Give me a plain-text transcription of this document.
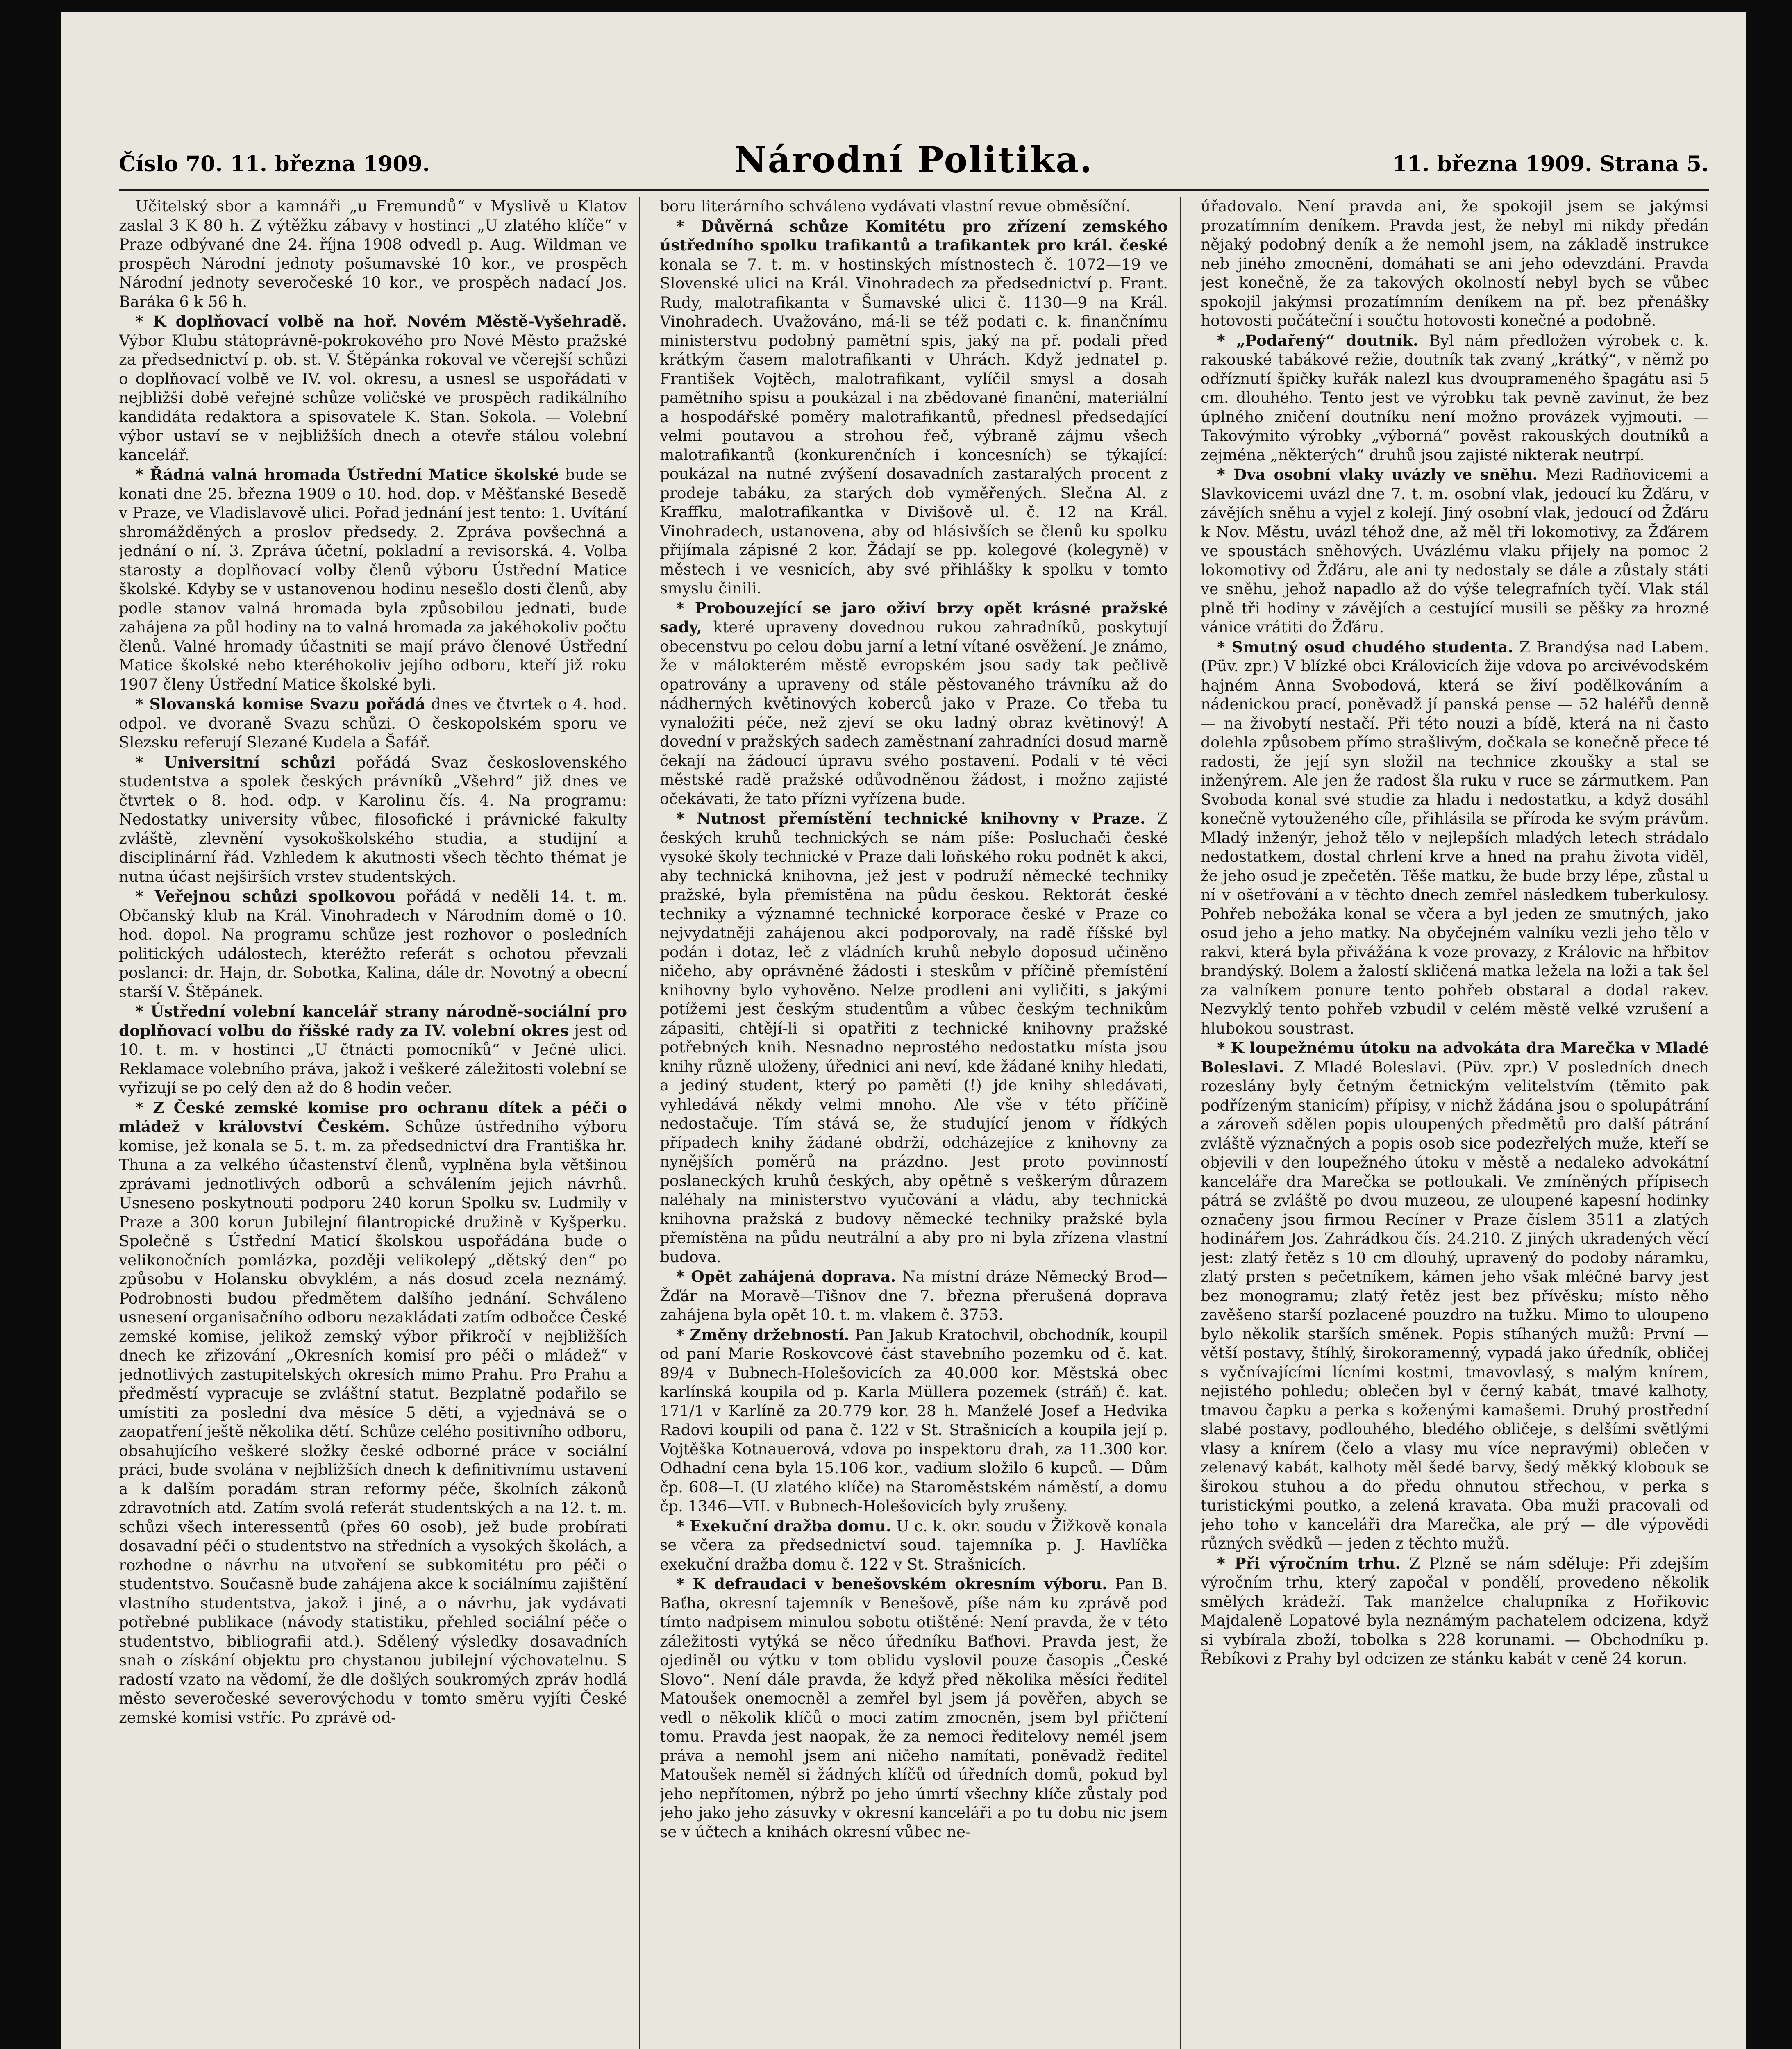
Číslo 70. 11. března 1909.	Národní Politika.	11. března 1909. Strana 5.

Učitelský sbor a kamnáři „u Fremundů“ v Myslivě u Klatov zaslal 3 K 80 h. Z výtěžku zábavy v hostinci „U zlatého klíče“ v Praze odbývané dne 24. října 1908 odvedl p. Aug. Wildman ve prospěch Národní jednoty pošumavské 10 kor., ve prospěch Národní jednoty severočeské 10 kor., ve prospěch nadací Jos. Baráka 6 k 56 h.

* K doplňovací volbě na hoř. Novém Městě-Vyšehradě. Výbor Klubu státoprávně-pokrokového pro Nové Město pražské za předsednictví p. ob. st. V. Štěpánka rokoval ve včerejší schůzi o doplňovací volbě ve IV. vol. okresu, a usnesl se uspořádati v nejbližší době veřejné schůze voličské ve prospěch radikálního kandidáta redaktora a spisovatele K. Stan. Sokola. — Volební výbor ustaví se v nejbližších dnech a otevře stálou volební kancelář.

* Řádná valná hromada Ústřední Matice školské bude se konati dne 25. března 1909 o 10. hod. dop. v Měšťanské Besedě v Praze, ve Vladislavově ulici. Pořad jednání jest tento: 1. Uvítání shromážděných a proslov předsedy. 2. Zpráva povšechná a jednání o ní. 3. Zpráva účetní, pokladní a revisorská. 4. Volba starosty a doplňovací volby členů výboru Ústřední Matice školské. Kdyby se v ustanovenou hodinu nesešlo dosti členů, aby podle stanov valná hromada byla způsobilou jednati, bude zahájena za půl hodiny na to valná hromada za jakéhokoliv počtu členů. Valné hromady účastniti se mají právo členové Ústřední Matice školské nebo kteréhokoliv jejího odboru, kteří již roku 1907 členy Ústřední Matice školské byli.

* Slovanská komise Svazu pořádá dnes ve čtvrtek o 4. hod. odpol. ve dvoraně Svazu schůzi. O českopolském sporu ve Slezsku referují Slezané Kudela a Šafář.

* Universitní schůzi pořádá Svaz československého studentstva a spolek českých právníků „Všehrd“ již dnes ve čtvrtek o 8. hod. odp. v Karolinu čís. 4. Na programu: Nedostatky university vůbec, filosofické i právnické fakulty zvláště, zlevnění vysokoškolského studia, a studijní a disciplinární řád. Vzhledem k akutnosti všech těchto thémat je nutna účast nejširších vrstev studentských.

* Veřejnou schůzi spolkovou pořádá v neděli 14. t. m. Občanský klub na Král. Vinohradech v Národním domě o 10. hod. dopol. Na programu schůze jest rozhovor o posledních politických událostech, kteréžto referát s ochotou převzali poslanci: dr. Hajn, dr. Sobotka, Kalina, dále dr. Novotný a obecní starší V. Štěpánek.

* Ústřední volební kancelář strany národně-sociální pro doplňovací volbu do říšské rady za IV. volební okres jest od 10. t. m. v hostinci „U čtnácti pomocníků“ v Ječné ulici. Reklamace volebního práva, jakož i veškeré záležitosti volební se vyřizují se po celý den až do 8 hodin večer.

* Z České zemské komise pro ochranu dítek a péči o mládež v království Českém. Schůze ústředního výboru komise, jež konala se 5. t. m. za předsednictví dra Františka hr. Thuna a za velkého účastenství členů, vyplněna byla většinou zprávami jednotlivých odborů a schválením jejich návrhů. Usneseno poskytnouti podporu 240 korun Spolku sv. Ludmily v Praze a 300 korun Jubilejní filantropické družině v Kyšperku. Společně s Ústřední Maticí školskou uspořádána bude o velikonočních pomlázka, později velikolepý „dětský den“ po způsobu v Holansku obvyklém, a nás dosud zcela neznámý. Podrobnosti budou předmětem dalšího jednání. Schváleno usnesení organisačního odboru nezakládati zatím odbočce České zemské komise, jelikož zemský výbor přikročí v nejbližších dnech ke zřizování „Okresních komisí pro péči o mládež“ v jednotlivých zastupitelských okresích mimo Prahu. Pro Prahu a předměstí vypracuje se zvláštní statut. Bezplatně podařilo se umístiti za poslední dva měsíce 5 dětí, a vyjednává se o zaopatření ještě několika dětí. Schůze celého positivního odboru, obsahujícího veškeré složky české odborné práce v sociální práci, bude svolána v nejbližších dnech k definitivnímu ustavení a k dalším poradám stran reformy péče, školních zákonů zdravotních atd. Zatím svolá referát studentských a na 12. t. m. schůzi všech interessentů (přes 60 osob), jež bude probírati dosavadní péči o studentstvo na středních a vysokých školách, a rozhodne o návrhu na utvoření se subkomitétu pro péči o studentstvo. Současně bude zahájena akce k sociálnímu zajištění vlastního studentstva, jakož i jiné, a o návrhu, jak vydávati potřebné publikace (návody statistiku, přehled sociální péče o studentstvo, bibliografii atd.). Sdělený výsledky dosavadních snah o získání objektu pro chystanou jubilejní výchovatelnu. S radostí vzato na vědomí, že dle došlých soukromých zpráv hodlá město severočeské severovýchodu v tomto směru vyjíti České zemské komisi vstříc. Po zprávě od-

boru literárního schváleno vydávati vlastní revue obměsíční.

* Důvěrná schůze Komitétu pro zřízení zemského ústředního spolku trafikantů a trafikantek pro král. české konala se 7. t. m. v hostinských místnostech č. 1072—19 ve Slovenské ulici na Král. Vinohradech za předsednictví p. Frant. Rudy, malotrafikanta v Šumavské ulici č. 1130—9 na Král. Vinohradech. Uvažováno, má-li se též podati c. k. finančnímu ministerstvu podobný pamětní spis, jaký na př. podali před krátkým časem malotrafikanti v Uhrách. Když jednatel p. František Vojtěch, malotrafikant, vylíčil smysl a dosah pamětního spisu a poukázal i na zbědované finanční, materiální a hospodářské poměry malotrafikantů, přednesl předsedající velmi poutavou a strohou řeč, výbraně zájmu všech malotrafikantů (konkurenčních i koncesních) se týkající: poukázal na nutné zvýšení dosavadních zastaralých procent z prodeje tabáku, za starých dob vyměřených. Slečna Al. z Kraffku, malotrafikantka v Divišově ul. č. 12 na Král. Vinohradech, ustanovena, aby od hlásivších se členů ku spolku přijímala zápisné 2 kor. Žádají se pp. kolegové (kolegyně) v městech i ve vesnicích, aby své přihlášky k spolku v tomto smyslu činili.

* Probouzející se jaro oživí brzy opět krásné pražské sady, které upraveny dovednou rukou zahradníků, poskytují obecenstvu po celou dobu jarní a letní vítané osvěžení. Je známo, že v málokterém městě evropském jsou sady tak pečlivě opatrovány a upraveny od stále pěstovaného trávníku až do nádherných květinových koberců jako v Praze. Co třeba tu vynaložiti péče, než zjeví se oku ladný obraz květinový! A dovední v pražských sadech zaměstnaní zahradníci dosud marně čekají na žádoucí úpravu svého postavení. Podali v té věci městské radě pražské odůvodněnou žádost, i možno zajisté očekávati, že tato přízni vyřízena bude.

* Nutnost přemístění technické knihovny v Praze. Z českých kruhů technických se nám píše: Posluchači české vysoké školy technické v Praze dali loňského roku podnět k akci, aby technická knihovna, jež jest v podruží německé techniky pražské, byla přemístěna na půdu českou. Rektorát české techniky a významné technické korporace české v Praze co nejvydatněji zahájenou akci podporovaly, na radě říšské byl podán i dotaz, leč z vládních kruhů nebylo doposud učiněno ničeho, aby oprávněné žádosti i steskům v příčině přemístění knihovny bylo vyhověno. Nelze prodleni ani vyličiti, s jakými potížemi jest českým studentům a vůbec českým technikům zápasiti, chtějí-li si opatřiti z technické knihovny pražské potřebných knih. Nesnadno neprostého nedostatku místa jsou knihy různě uloženy, úřednici ani neví, kde žádané knihy hledati, a jediný student, který po paměti (!) jde knihy shledávati, vyhledává někdy velmi mnoho. Ale vše v této příčině nedostačuje. Tím stává se, že studující jenom v řídkých případech knihy žádané obdrží, odcházejíce z knihovny za nynějších poměrů na prázdno. Jest proto povinností poslaneckých kruhů českých, aby opětně s veškerým důrazem naléhaly na ministerstvo vyučování a vládu, aby technická knihovna pražská z budovy německé techniky pražské byla přemístěna na půdu neutrální a aby pro ni byla zřízena vlastní budova.

* Opět zahájená doprava. Na místní dráze Německý Brod—Žďár na Moravě—Tišnov dne 7. března přerušená doprava zahájena byla opět 10. t. m. vlakem č. 3753.

* Změny držebností. Pan Jakub Kratochvil, obchodník, koupil od paní Marie Roskovcové část stavebního pozemku od č. kat. 89/4 v Bubnech-Holešovicích za 40.000 kor. Městská obec karlínská koupila od p. Karla Müllera pozemek (stráň) č. kat. 171/1 v Karlíně za 20.779 kor. 28 h. Manželé Josef a Hedvika Radovi koupili od pana č. 122 v St. Strašnicích a koupila její p. Vojtěška Kotnauerová, vdova po inspektoru drah, za 11.300 kor. Odhadní cena byla 15.106 kor., vadium složilo 6 kupců. — Dům čp. 608—I. (U zlatého klíče) na Staroměstském náměstí, a domu čp. 1346—VII. v Bubnech-Holešovicích byly zrušeny.

* Exekuční dražba domu. U c. k. okr. soudu v Žižkově konala se včera za předsednictví soud. tajemníka p. J. Havlíčka exekuční dražba domu č. 122 v St. Strašnicích.

* K defraudaci v benešovském okresním výboru. Pan B. Baťha, okresní tajemník v Benešově, píše nám ku zprávě pod tímto nadpisem minulou sobotu otištěné: Není pravda, že v této záležitosti vytýká se něco úředníku Baťhovi. Pravda jest, že ojediněl ou výtku v tom oblidu vyslovil pouze časopis „České Slovo“. Není dále pravda, že když před několika měsíci ředitel Matoušek onemocněl a zemřel byl jsem já pověřen, abych se vedl o několik klíčů o moci zatím zmocněn, jsem byl přičtení tomu. Pravda jest naopak, že za nemoci ředitelovy nemél jsem práva a nemohl jsem ani ničeho namítati, poněvadž ředitel Matoušek neměl si žádných klíčů od úředních domů, pokud byl jeho nepřítomen, nýbrž po jeho úmrtí všechny klíče zůstaly pod jeho jako jeho zásuvky v okresní kanceláři a po tu dobu nic jsem se v účtech a knihách okresní vůbec ne-

úřadovalo. Není pravda ani, že spokojil jsem se jakýmsi prozatímním deníkem. Pravda jest, že nebyl mi nikdy předán nějaký podobný deník a že nemohl jsem, na základě instrukce neb jiného zmocnění, domáhati se ani jeho odevzdání. Pravda jest konečně, že za takových okolností nebyl bych se vůbec spokojil jakýmsi prozatímním deníkem na př. bez přenášky hotovosti počáteční i součtu hotovosti konečné a podobně.

* „Podařený“ doutník. Byl nám předložen výrobek c. k. rakouské tabákové režie, doutník tak zvaný „krátký“, v němž po odříznutí špičky kuřák nalezl kus dvouprameného špagátu asi 5 cm. dlouhého. Tento jest ve výrobku tak pevně zavinut, že bez úplného zničení doutníku není možno provázek vyjmouti. — Takovýmito výrobky „výborná“ pověst rakouských doutníků a zejména „některých“ druhů jsou zajisté nikterak neutrpí.

* Dva osobní vlaky uvázly ve sněhu. Mezi Radňovicemi a Slavkovicemi uvázl dne 7. t. m. osobní vlak, jedoucí ku Žďáru, v závějích sněhu a vyjel z kolejí. Jiný osobní vlak, jedoucí od Žďáru k Nov. Městu, uvázl téhož dne, až měl tři lokomotivy, za Žďárem ve spoustách sněhových. Uvázlému vlaku přijely na pomoc 2 lokomotivy od Žďáru, ale ani ty nedostaly se dále a zůstaly státi ve sněhu, jehož napadlo až do výše telegrafních tyčí. Vlak stál plně tři hodiny v závějích a cestující musili se pěšky za hrozné vánice vrátiti do Žďáru.

* Smutný osud chudého studenta. Z Brandýsa nad Labem. (Püv. zpr.) V blízké obci Královicích žije vdova po arcivévodském hajném Anna Svobodová, která se živí podělkováním a nádenickou prací, poněvadž jí panská pense — 52 haléřů denně — na živobytí nestačí. Při této nouzi a bídě, která na ni často dolehla způsobem přímo strašlivým, dočkala se konečně přece té radosti, že její syn složil na technice zkoušky a stal se inženýrem. Ale jen že radost šla ruku v ruce se zármutkem. Pan Svoboda konal své studie za hladu i nedostatku, a když dosáhl konečně vytouženého cíle, přihlásila se příroda ke svým právům. Mladý inženýr, jehož tělo v nejlepších mladých letech strádalo nedostatkem, dostal chrlení krve a hned na prahu života viděl, že jeho osud je zpečetěn. Těše matku, že bude brzy lépe, zůstal u ní v ošetřování a v těchto dnech zemřel následkem tuberkulosy. Pohřeb nebožáka konal se včera a byl jeden ze smutných, jako osud jeho a jeho matky. Na obyčejném valníku vezli jeho tělo v rakvi, která byla přivážána k voze provazy, z Královic na hřbitov brandýský. Bolem a žalostí skličená matka ležela na loži a tak šel za valníkem ponure tento pohřeb obstaral a dodal rakev. Nezvyklý tento pohřeb vzbudil v celém městě velké vzrušení a hlubokou soustrast.

* K loupežnému útoku na advokáta dra Marečka v Mladé Boleslavi. Z Mladé Boleslavi. (Püv. zpr.) V posledních dnech rozeslány byly četným četnickým velitelstvím (těmito pak podřízeným stanicím) přípisy, v nichž žádána jsou o spolupátrání a zároveň sdělen popis uloupených předmětů pro další pátrání zvláště význačných a popis osob sice podezřelých muže, kteří se objevili v den loupežného útoku v městě a nedaleko advokátní kanceláře dra Marečka se potloukali. Ve zmíněných přípisech pátrá se zvláště po dvou muzeou, ze uloupené kapesní hodinky označeny jsou firmou Recíner v Praze číslem 3511 a zlatých hodinářem Jos. Zahrádkou čís. 24.210. Z jiných ukradených věcí jest: zlatý řetěz s 10 cm dlouhý, upravený do podoby náramku, zlatý prsten s pečetníkem, kámen jeho však mléčné barvy jest bez monogramu; zlatý řetěz jest bez přívěsku; místo něho zavěšeno starší pozlacené pouzdro na tužku. Mimo to uloupeno bylo několik starších směnek. Popis stíhaných mužů: První — větší postavy, štíhlý, širokoramenný, vypadá jako úředník, obličej s vyčnívajícími lícními kostmi, tmavovlasý, s malým knírem, nejistého pohledu; oblečen byl v černý kabát, tmavé kalhoty, tmavou čapku a perka s koženými kamašemi. Druhý prostřední slabé postavy, podlouhého, bledého obličeje, s delšími světlými vlasy a knírem (čelo a vlasy mu více nepravými) oblečen v zelenavý kabát, kalhoty měl šedé barvy, šedý měkký klobouk se širokou stuhou a do předu ohnutou střechou, v perka s turistickými poutko, a zelená kravata. Oba muži pracovali od jeho toho v kanceláři dra Marečka, ale prý — dle výpovědi různých svědků — jeden z těchto mužů.

* Při výročním trhu. Z Plzně se nám sděluje: Při zdejším výročním trhu, který započal v pondělí, provedeno několik smělých krádeží. Tak manželce chalupníka z Hořikovic Majdaleně Lopatové byla neznámým pachatelem odcizena, když si vybírala zboží, tobolka s 228 korunami. — Obchodníku p. Řebíkovi z Prahy byl odcizen ze stánku kabát v ceně 24 korun.
